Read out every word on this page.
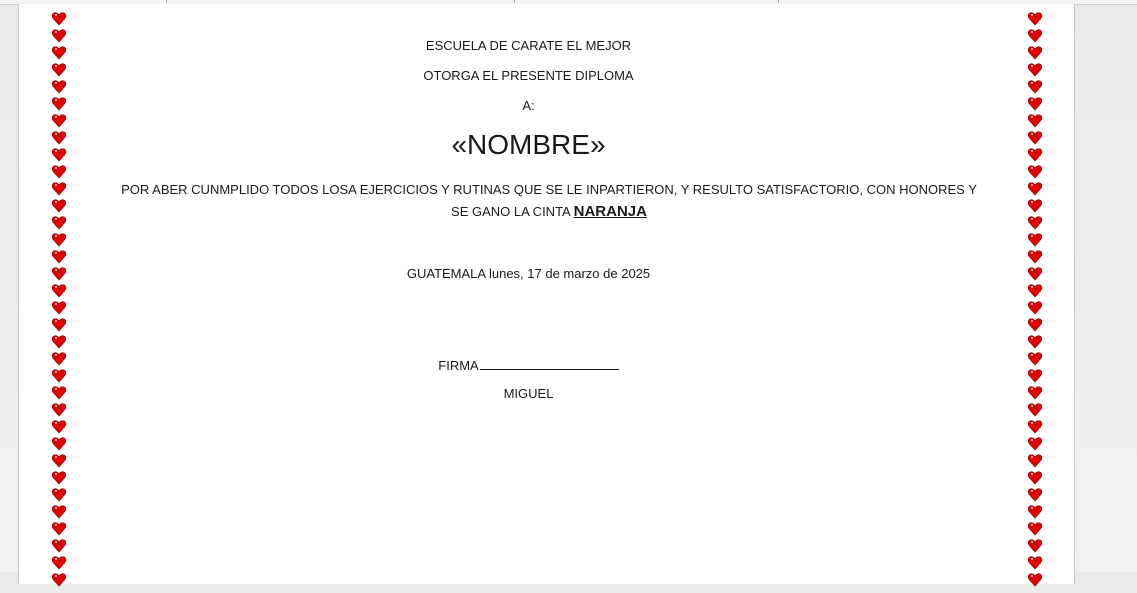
ESCUELA DE CARATE EL MEJOR
OTORGA EL PRESENTE DIPLOMA
A:
«NOMBRE»
POR ABER CUNMPLIDO TODOS LOSA EJERCICIOS Y RUTINAS QUE SE LE INPARTIERON, Y RESULTO SATISFACTORIO, CON HONORES Y SE GANO LA CINTA NARANJA
GUATEMALA lunes, 17 de marzo de 2025
FIRMA
MIGUEL
